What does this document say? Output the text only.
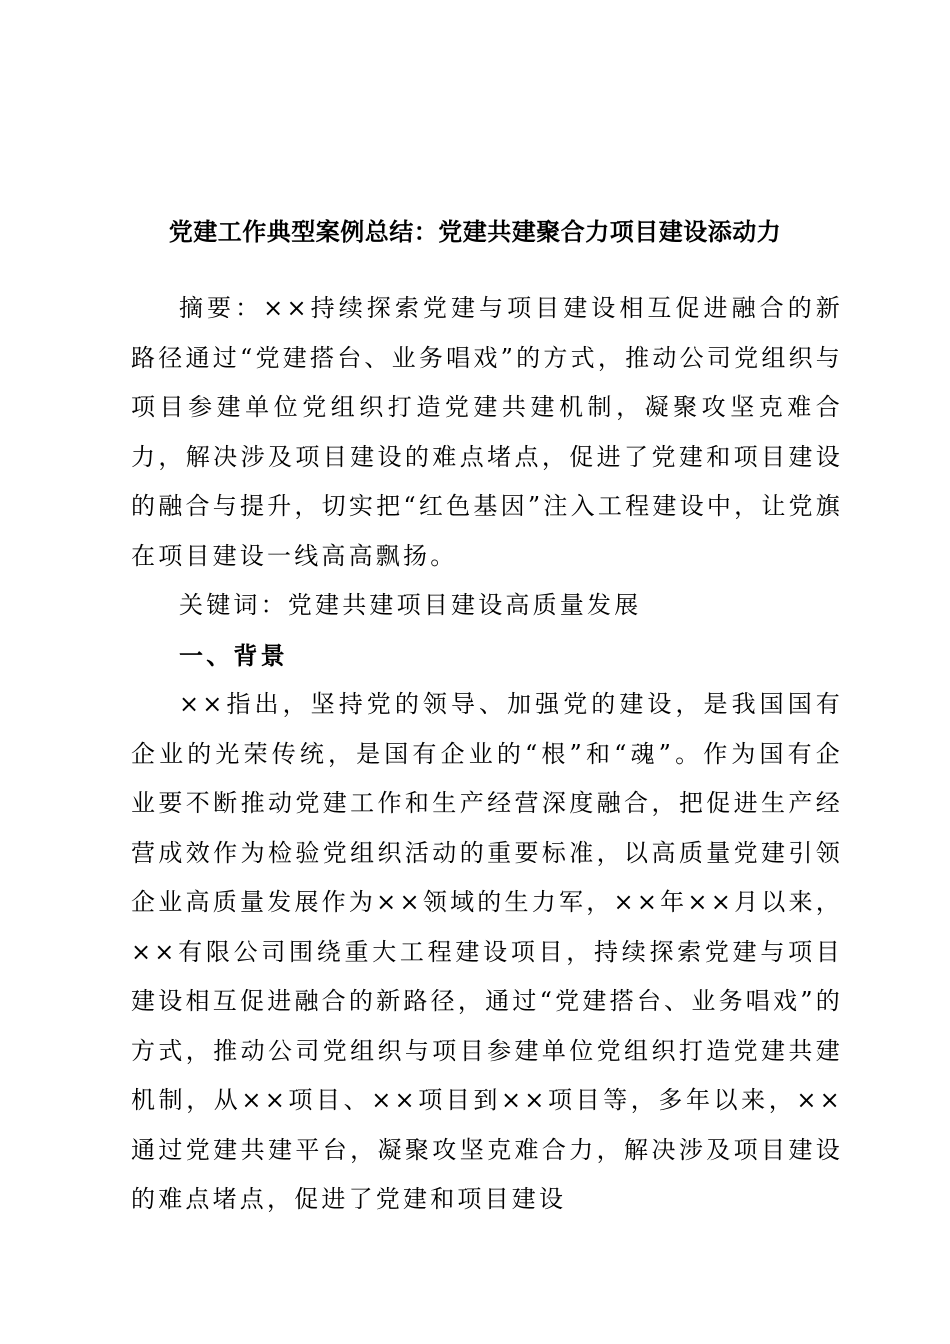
党建工作典型案例总结：党建共建聚合力项目建设添动力

摘要：××持续探索党建与项目建设相互促进融合的新路径通过“党建搭台、业务唱戏”的方式，推动公司党组织与项目参建单位党组织打造党建共建机制，凝聚攻坚克难合力，解决涉及项目建设的难点堵点，促进了党建和项目建设的融合与提升，切实把“红色基因”注入工程建设中，让党旗在项目建设一线高高飘扬。

关键词：党建共建项目建设高质量发展

一、背景

××指出，坚持党的领导、加强党的建设，是我国国有企业的光荣传统，是国有企业的“根”和“魂”。作为国有企业要不断推动党建工作和生产经营深度融合，把促进生产经营成效作为检验党组织活动的重要标准，以高质量党建引领企业高质量发展作为××领域的生力军，××年××月以来，××有限公司围绕重大工程建设项目，持续探索党建与项目建设相互促进融合的新路径，通过“党建搭台、业务唱戏”的方式，推动公司党组织与项目参建单位党组织打造党建共建机制，从××项目、××项目到××项目等，多年以来，××通过党建共建平台，凝聚攻坚克难合力，解决涉及项目建设的难点堵点，促进了党建和项目建设
